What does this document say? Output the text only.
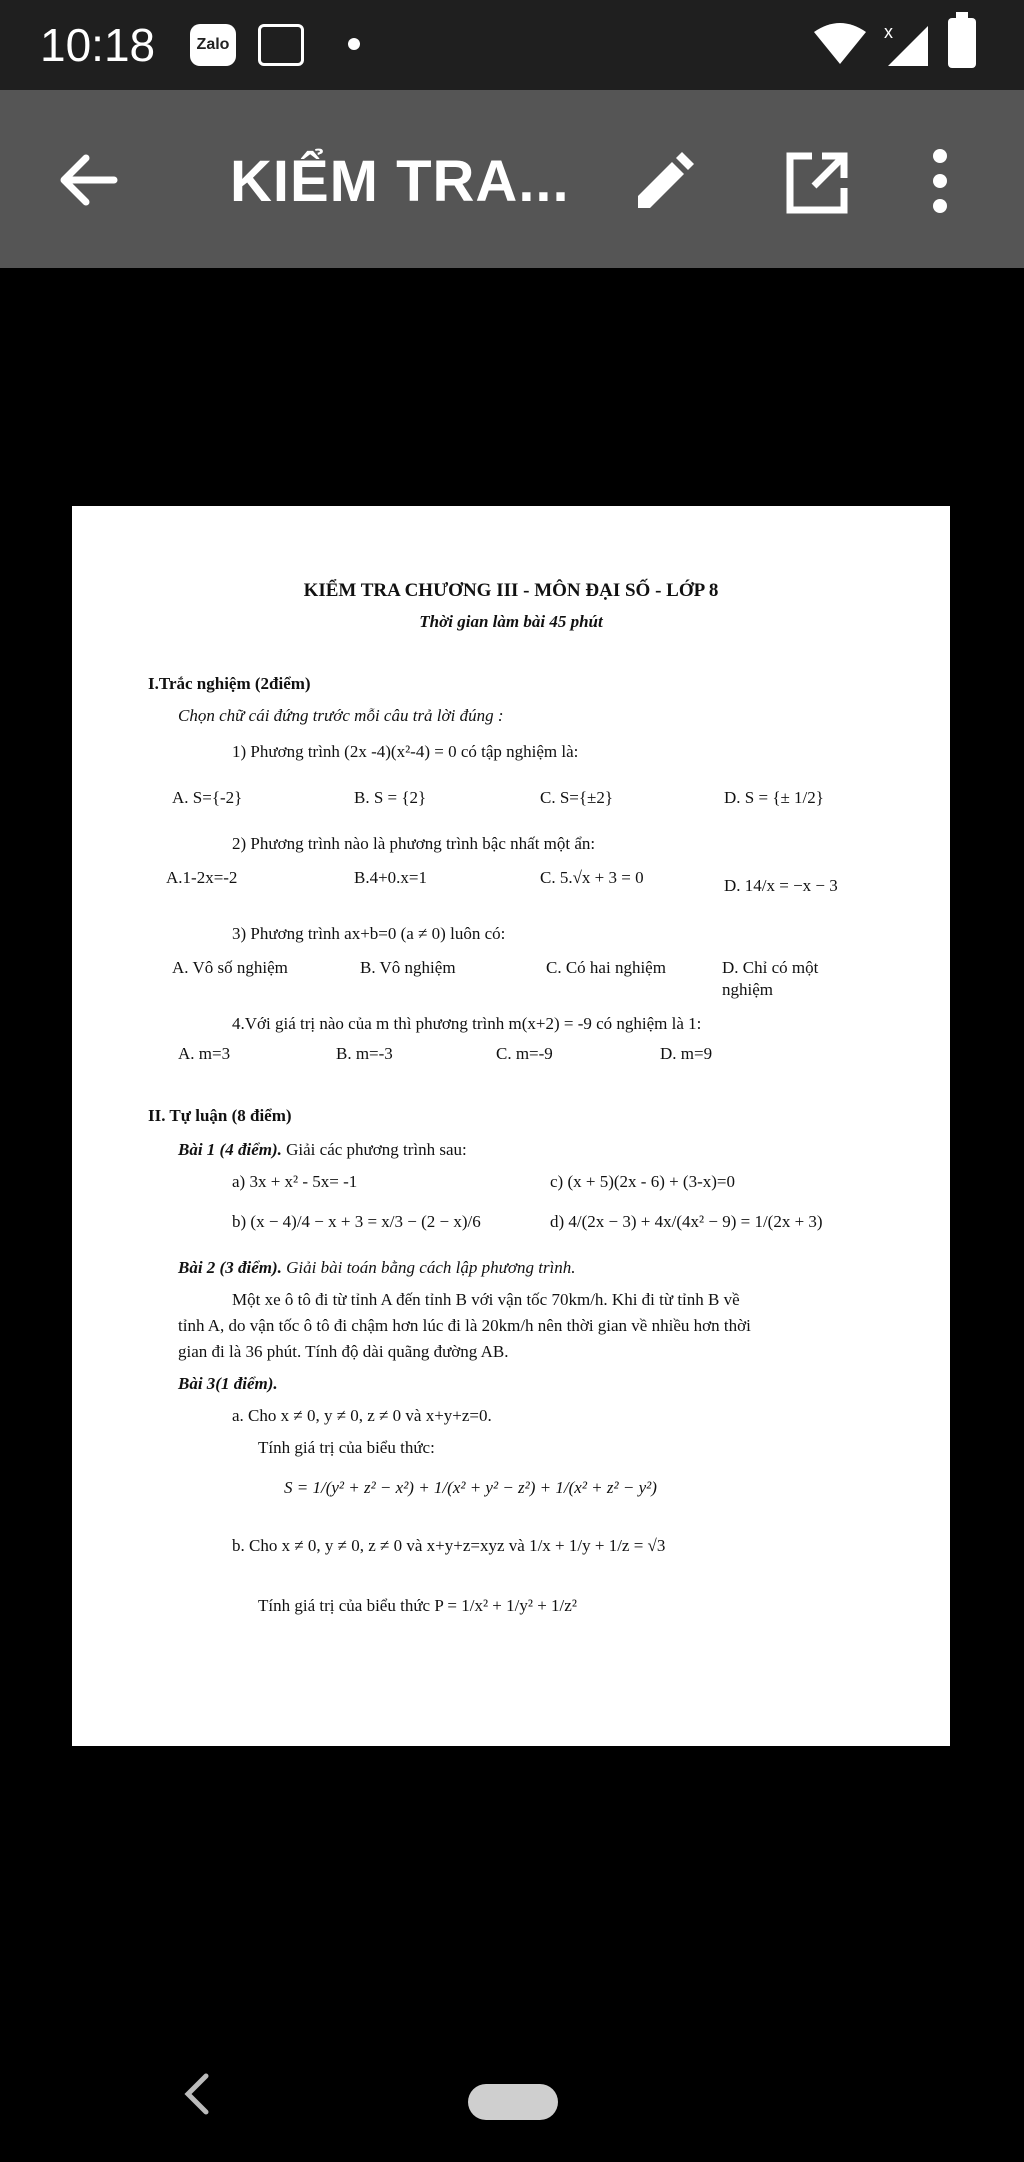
10:18	Zalo
x
KIỂM TRA...
KIỂM TRA CHƯƠNG III - MÔN ĐẠI SỐ - LỚP 8
Thời gian làm bài 45 phút
I.Trắc nghiệm (2điểm)
Chọn chữ cái đứng trước mỗi câu trả lời đúng :
1) Phương trình (2x -4)(x²-4) = 0 có tập nghiệm là:
A. S={-2}	B. S = {2}	C. S={±2}	D. S = {± 1/2}
2) Phương trình nào là phương trình bậc nhất một ẩn:
A.1-2x=-2	B.4+0.x=1	C. 5.√x + 3 = 0	D. 14/x = −x − 3
3) Phương trình ax+b=0 (a ≠ 0) luôn có:
A. Vô số nghiệm	B. Vô nghiệm	C. Có hai nghiệm	D. Chỉ có một
nghiệm
4.Với giá trị nào của m thì phương trình m(x+2) = -9 có nghiệm là 1:
A. m=3	B. m=-3	C. m=-9	D. m=9
II. Tự luận (8 điểm)
Bài 1 (4 điểm). Giải các phương trình sau:
a) 3x + x² - 5x= -1	c) (x + 5)(2x - 6) + (3-x)=0
b) (x − 4)/4 − x + 3 = x/3 − (2 − x)/6	d) 4/(2x − 3) + 4x/(4x² − 9) = 1/(2x + 3)
Bài 2 (3 điểm). Giải bài toán bằng cách lập phương trình.
Một xe ô tô đi từ tỉnh A đến tỉnh B với vận tốc 70km/h. Khi đi từ tỉnh B về
tỉnh A, do vận tốc ô tô đi chậm hơn lúc đi là 20km/h nên thời gian về nhiều hơn thời
gian đi là 36 phút. Tính độ dài quãng đường AB.
Bài 3(1 điểm).
a. Cho x ≠ 0, y ≠ 0, z ≠ 0 và x+y+z=0.
Tính giá trị của biểu thức:
S = 1/(y² + z² − x²) + 1/(x² + y² − z²) + 1/(x² + z² − y²)
b. Cho x ≠ 0, y ≠ 0, z ≠ 0 và x+y+z=xyz và 1/x + 1/y + 1/z = √3
Tính giá trị của biểu thức P = 1/x² + 1/y² + 1/z²
